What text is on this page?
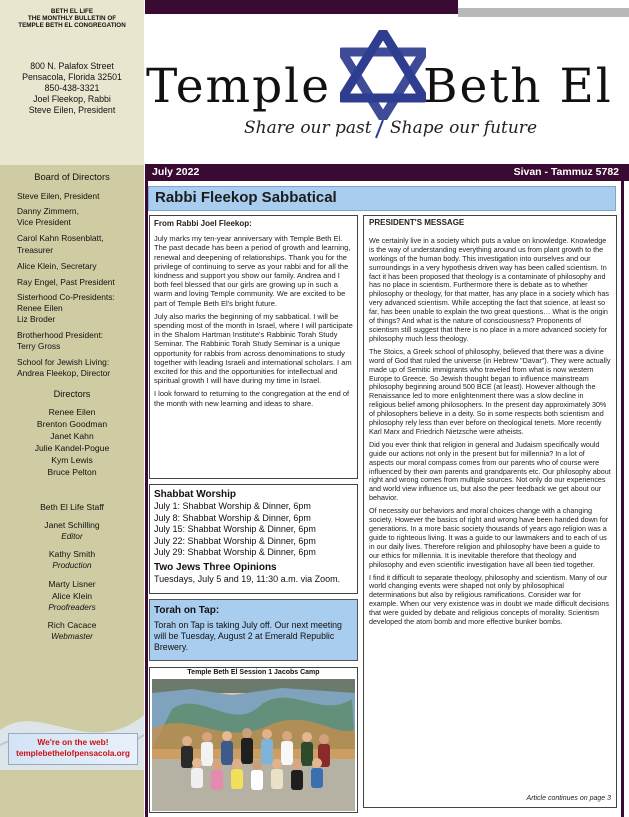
BETH EL LIFE
THE MONTHLY BULLETIN OF
TEMPLE BETH EL CONGREGATION
800 N. Palafox Street
Pensacola, Florida 32501
850-438-3321
Joel Fleekop, Rabbi
Steve Eilen, President
Board of Directors
Steve Eilen, President
Danny Zimmern,
Vice President
Carol Kahn Rosenblatt,
Treasurer
Alice Klein, Secretary
Ray Engel, Past President
Sisterhood Co-Presidents:
Renee Eilen
Liz Broder
Brotherhood President:
Terry Gross
School for Jewish Living:
Andrea Fleekop, Director
Directors
Renee Eilen
Brenton Goodman
Janet Kahn
Julie Kandel-Pogue
Kym Lewis
Bruce Pelton
Beth El Life Staff
Janet Schilling
Editor
Kathy Smith
Production
Marty Lisner
Alice Klein
Proofreaders
Rich Cacace
Webmaster
We're on the web!
templebethelofpensacola.org
Temple Beth El
Share our past Shape our future
July 2022	Sivan - Tammuz 5782
Rabbi Fleekop Sabbatical
From Rabbi Joel Fleekop:
July marks my ten-year anniversary with Temple Beth El. The past decade has been a period of growth and learning, renewal and deepening of relationships. Thank you for the privilege of continuing to serve as your rabbi and for all the kindness and support you show our family. Andrea and I both feel blessed that our girls are growing up in such a warm and loving Temple community. We are excited to be part of Temple Beth El's bright future.
July also marks the beginning of my sabbatical. I will be spending most of the month in Israel, where I will participate in the Shalom Hartman Institute's Rabbinic Torah Study Seminar. The Rabbinic Torah Study Seminar is a unique opportunity for rabbis from across denominations to study together with leading Israeli and international scholars. I am excited for this and the opportunities for intellectual and spiritual growth I will have during my time in Israel.
I look forward to returning to the congregation at the end of the month with new learning and ideas to share.
Shabbat Worship
July 1: Shabbat Worship & Dinner, 6pm
July 8: Shabbat Worship & Dinner, 6pm
July 15: Shabbat Worship & Dinner, 6pm
July 22: Shabbat Worship & Dinner, 6pm
July 29: Shabbat Worship & Dinner, 6pm
Two Jews Three Opinions
Tuesdays, July 5 and 19, 11:30 a.m. via Zoom.
Torah on Tap:
Torah on Tap is taking July off. Our next meeting will be Tuesday, August 2 at Emerald Republic Brewery.
Temple Beth El Session 1 Jacobs Camp
PRESIDENT'S MESSAGE
We certainly live in a society which puts a value on knowledge. Knowledge is the way of understanding everything around us from plant growth to the workings of the human body. This investigation into ourselves and our surroundings in a very hypothesis driven way has been called scientism. In fact it has been proposed that theology is a contaminate of philosophy and has no place in scientism. Furthermore there is debate as to whether philosophy or theology, for that matter, has any place in a society which has very advanced scientism. While accepting the fact that science, at least so far, has been unable to explain the two great questions… What is the origin of things? And what is the nature of consciousness? Proponents of scientism still suggest that there is no place in a more advanced society for philosophy much less theology.
The Stoics, a Greek school of philosophy, believed that there was a divine word of God that ruled the universe (in Hebrew "Davar"). They were actually made up of Semitic immigrants who traveled from what is now western Europe to Greece. So Jewish thought began to influence mainstream philosophy beginning around 500 BCE (at least). However although the Renaissance led to more enlightenment there was a slow decline in religious belief among philosophers. In the present day approximately 30% of philosophers believe in a deity. So in some respects both scientism and philosophy rely less than ever before on theological tenets. More recently Karl Marx and Friedrich Nietzsche were atheists.
Did you ever think that religion in general and Judaism specifically would guide our actions not only in the present but for millennia? In a lot of aspects our moral compass comes from our parents who of course were influenced by their own parents and grandparents etc. Our philosophy about right and wrong comes from multiple sources. Not only do our experiences and world view influence us, but also the peer feedback we get about our behavior.
Of necessity our behaviors and moral choices change with a changing society. However the basics of right and wrong have been handed down for generations. In a more basic society thousands of years ago religion was a guide to righteous living. It was a guide to our lawmakers and to each of us in our daily lives. Therefore religion and philosophy have been a guide to our ethics for millennia. It is inevitable therefore that theology and philosophy and even scientific investigation have all been tied together.
I find it difficult to separate theology, philosophy and scientism. Many of our world changing events were shaped not only by philosophical determinations but also by religious ramifications. Consider war for example. When our very existence was in doubt we made difficult decisions that were guided by debate and religious concepts of morality. Scientism developed the atom bomb and more effective bunker bombs.
Article continues on page 3
